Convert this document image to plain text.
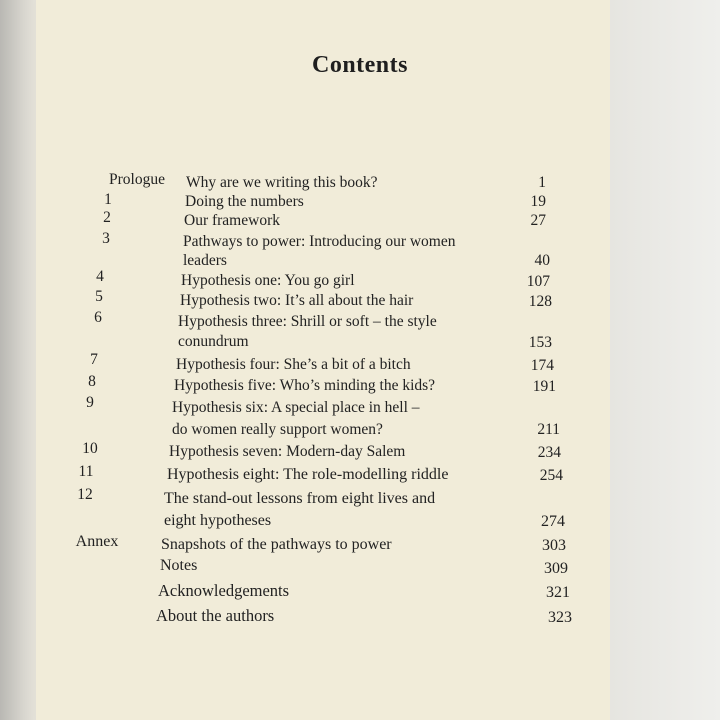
Contents
Prologue	Why are we writing this book?	1
1	Doing the numbers	19
2	Our framework	27
3	Pathways to power: Introducing our women
leaders	40
4	Hypothesis one: You go girl	107
5	Hypothesis two: It’s all about the hair	128
6	Hypothesis three: Shrill or soft – the style
conundrum	153
7	Hypothesis four: She’s a bit of a bitch	174
8	Hypothesis five: Who’s minding the kids?	191
9	Hypothesis six: A special place in hell –
do women really support women?	211
10	Hypothesis seven: Modern-day Salem	234
11	Hypothesis eight: The role-modelling riddle	254
12	The stand-out lessons from eight lives and
eight hypotheses	274
Annex	Snapshots of the pathways to power	303
Notes	309
Acknowledgements	321
About the authors	323
